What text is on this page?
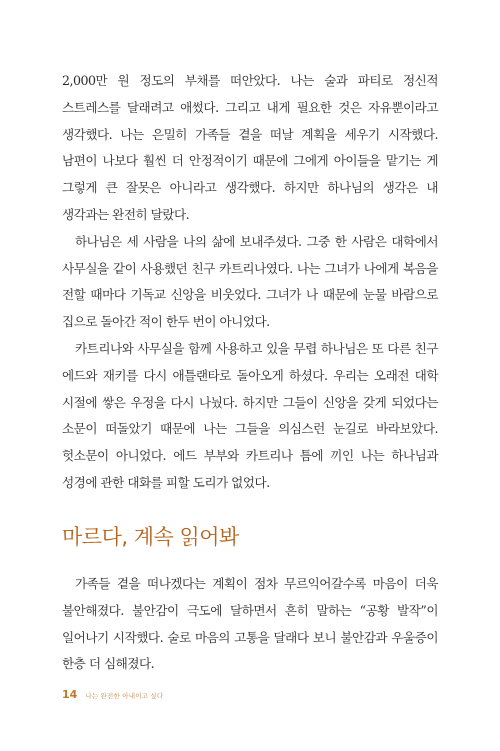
2,000만 원 정도의 부채를 떠안았다. 나는 술과 파티로 정신적 스트레스를 달래려고 애썼다. 그리고 내게 필요한 것은 자유뿐이라고 생각했다. 나는 은밀히 가족들 곁을 떠날 계획을 세우기 시작했다. 남편이 나보다 훨씬 더 안정적이기 때문에 그에게 아이들을 맡기는 게 그렇게 큰 잘못은 아니라고 생각했다. 하지만 하나님의 생각은 내 생각과는 완전히 달랐다.

하나님은 세 사람을 나의 삶에 보내주셨다. 그중 한 사람은 대학에서 사무실을 같이 사용했던 친구 카트리나였다. 나는 그녀가 나에게 복음을 전할 때마다 기독교 신앙을 비웃었다. 그녀가 나 때문에 눈물 바람으로 집으로 돌아간 적이 한두 번이 아니었다.

카트리나와 사무실을 함께 사용하고 있을 무렵 하나님은 또 다른 친구 에드와 재키를 다시 애틀랜타로 돌아오게 하셨다. 우리는 오래전 대학 시절에 쌓은 우정을 다시 나눴다. 하지만 그들이 신앙을 갖게 되었다는 소문이 떠돌았기 때문에 나는 그들을 의심스런 눈길로 바라보았다. 헛소문이 아니었다. 에드 부부와 카트리나 틈에 끼인 나는 하나님과 성경에 관한 대화를 피할 도리가 없었다.

마르다, 계속 읽어봐

가족들 곁을 떠나겠다는 계획이 점차 무르익어갈수록 마음이 더욱 불안해졌다. 불안감이 극도에 달하면서 흔히 말하는 “공황 발작”이 일어나기 시작했다. 술로 마음의 고통을 달래다 보니 불안감과 우울증이 한층 더 심해졌다.

14 나는 완전한 아내이고 싶다
